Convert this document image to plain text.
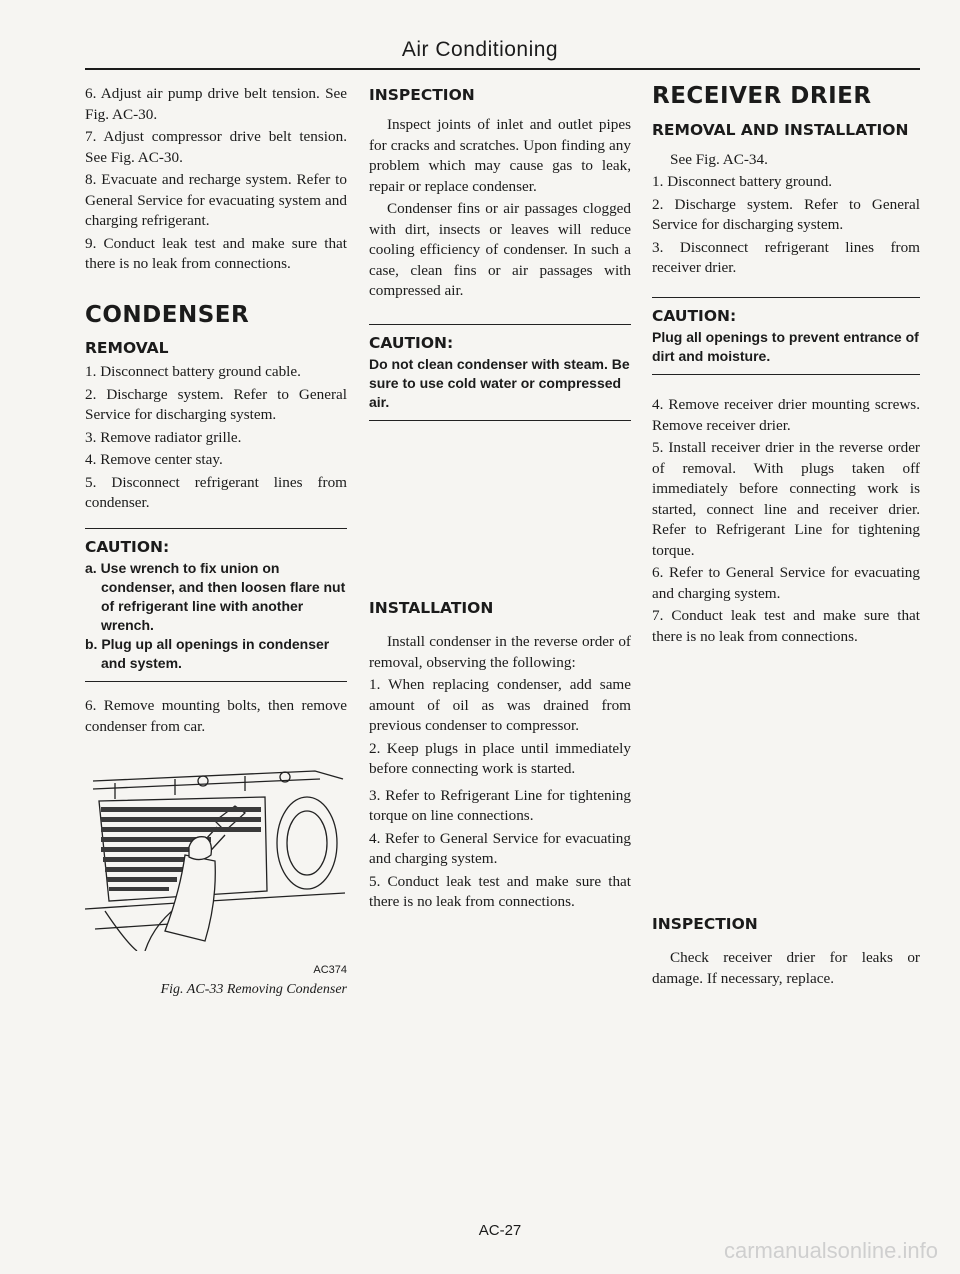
Air Conditioning

6. Adjust air pump drive belt tension. See Fig. AC-30.

7. Adjust compressor drive belt tension. See Fig. AC-30.

8. Evacuate and recharge system. Refer to General Service for evacuating system and charging refrigerant.

9. Conduct leak test and make sure that there is no leak from connections.

CONDENSER
REMOVAL

1. Disconnect battery ground cable.

2. Discharge system. Refer to General Service for discharging system.

3. Remove radiator grille.

4. Remove center stay.

5. Disconnect refrigerant lines from condenser.

CAUTION:
a. Use wrench to fix union on condenser, and then loosen flare nut of refrigerant line with another wrench.
b. Plug up all openings in condenser and system.

6. Remove mounting bolts, then remove condenser from car.

AC374
Fig. AC-33 Removing Condenser
INSPECTION

Inspect joints of inlet and outlet pipes for cracks and scratches. Upon finding any problem which may cause gas to leak, repair or replace condenser.

Condenser fins or air passages clogged with dirt, insects or leaves will reduce cooling efficiency of condenser. In such a case, clean fins or air passages with compressed air.

CAUTION:
Do not clean condenser with steam. Be sure to use cold water or compressed air.
INSTALLATION

Install condenser in the reverse order of removal, observing the following:

1. When replacing condenser, add same amount of oil as was drained from previous condenser to compressor.

2. Keep plugs in place until immediately before connecting work is started.

3. Refer to Refrigerant Line for tightening torque on line connections.

4. Refer to General Service for evacuating and charging system.

5. Conduct leak test and make sure that there is no leak from connections.

RECEIVER DRIER
REMOVAL AND INSTALLATION

See Fig. AC-34.

1. Disconnect battery ground.

2. Discharge system. Refer to General Service for discharging system.

3. Disconnect refrigerant lines from receiver drier.

CAUTION:
Plug all openings to prevent entrance of dirt and moisture.

4. Remove receiver drier mounting screws. Remove receiver drier.

5. Install receiver drier in the reverse order of removal. With plugs taken off immediately before connecting work is started, connect line and receiver drier. Refer to Refrigerant Line for tightening torque.

6. Refer to General Service for evacuating and charging system.

7. Conduct leak test and make sure that there is no leak from connections.

INSPECTION

Check receiver drier for leaks or damage. If necessary, replace.

AC-27
carmanualsonline.info
